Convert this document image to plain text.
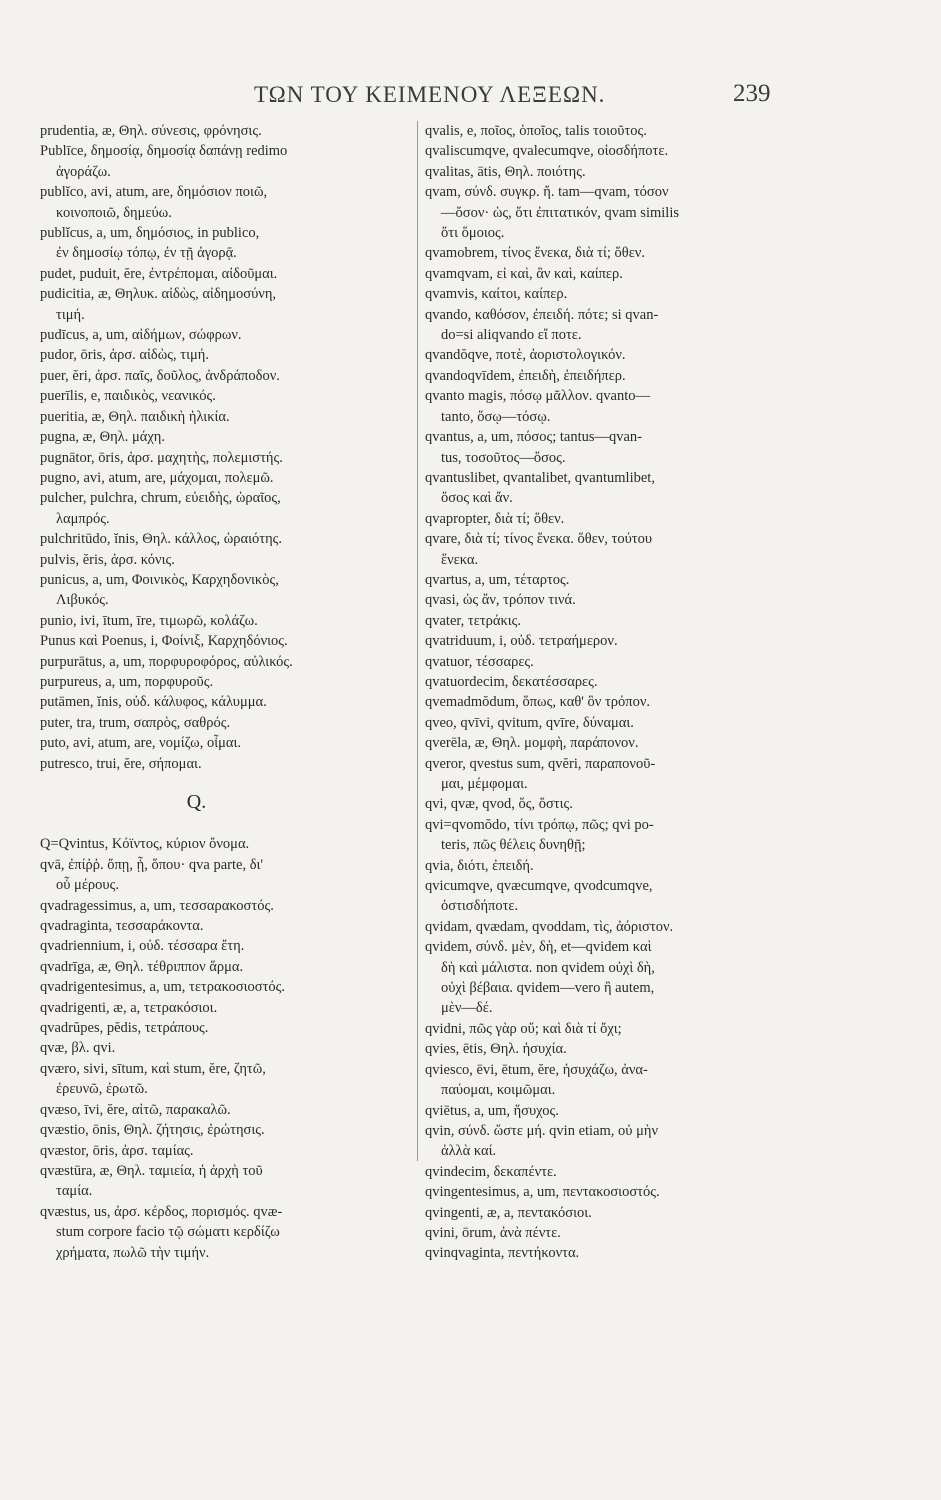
ΤΩΝ ΤΟΥ ΚΕΙΜΕΝΟΥ ΛΕΞΕΩΝ.	239
prudentia, æ, Θηλ. σύνεσις, φρόνησις.
Publīce, δημοσίᾳ, δημοσίᾳ δαπάνῃ redimo
ἀγοράζω.
publĭco, avi, atum, are, δημόσιον ποιῶ,
κοινοποιῶ, δημεύω.
publĭcus, a, um, δημόσιος, in publico,
ἐν δημοσίῳ τόπῳ, ἐν τῇ ἀγορᾷ.
pudet, puduit, ĕre, ἐντρέπομαι, αἰδοῦμαι.
pudicitia, æ, Θηλυκ. αἰδὼς, αἰδημοσύνη,
τιμή.
pudīcus, a, um, αἰδήμων, σώφρων.
pudor, ōris, ἀρσ. αἰδὼς, τιμή.
puer, ĕri, ἀρσ. παῖς, δοῦλος, ἀνδράποδον.
puerīlis, e, παιδικὸς, νεανικός.
pueritia, æ, Θηλ. παιδικὴ ἡλικία.
pugna, æ, Θηλ. μάχη.
pugnātor, ōris, ἀρσ. μαχητὴς, πολεμιστής.
pugno, avi, atum, are, μάχομαι, πολεμῶ.
pulcher, pulchra, chrum, εὐειδὴς, ὡραῖος,
λαμπρός.
pulchritūdo, ĭnis, Θηλ. κάλλος, ὡραιότης.
pulvis, ĕris, ἀρσ. κόνις.
punicus, a, um, Φοινικὸς, Καρχηδονικὸς,
Λιβυκός.
punio, ivi, ītum, īre, τιμωρῶ, κολάζω.
Punus καὶ Poenus, i, Φοίνιξ, Καρχηδόνιος.
purpurātus, a, um, πορφυροφόρος, αὐλικός.
purpureus, a, um, πορφυροῦς.
putāmen, ĭnis, οὐδ. κάλυφος, κάλυμμα.
puter, tra, trum, σαπρὸς, σαθρός.
puto, avi, atum, are, νομίζω, οἶμαι.
putresco, trui, ĕre, σήπομαι.
Q.
Q=Qvintus, Κόϊντος, κύριον ὄνομα.
qvā, ἐπίῤῥ. ὅπῃ, ᾗ, ὅπου· qva parte, δι'
οὗ μέρους.
qvadragessimus, a, um, τεσσαρακοστός.
qvadraginta, τεσσαράκοντα.
qvadriennium, i, οὐδ. τέσσαρα ἔτη.
qvadrīga, æ, Θηλ. τέθριππον ἅρμα.
qvadrigentesimus, a, um, τετρακοσιοστός.
qvadrigenti, æ, a, τετρακόσιοι.
qvadrŭpes, pĕdis, τετράπους.
qvæ, βλ. qvi.
qværo, sivi, sītum, καὶ stum, ĕre, ζητῶ,
ἐρευνῶ, ἐρωτῶ.
qvæso, īvi, ĕre, αἰτῶ, παρακαλῶ.
qvæstio, ōnis, Θηλ. ζήτησις, ἐρώτησις.
qvæstor, ōris, ἀρσ. ταμίας.
qvæstūra, æ, Θηλ. ταμιεία, ἡ ἀρχὴ τοῦ
ταμία.
qvæstus, us, ἀρσ. κέρδος, πορισμός. qvæ-
stum corpore facio τῷ σώματι κερδίζω
χρήματα, πωλῶ τὴν τιμήν.
qvalis, e, ποῖος, ὁποῖος, talis τοιοῦτος.
qvaliscumqve, qvalecumqve, οἱοσδήποτε.
qvalitas, ātis, Θηλ. ποιότης.
qvam, σύνδ. συγκρ. ἤ. tam—qvam, τόσον
—ὅσον· ὡς, ὅτι ἐπιτατικόν, qvam similis
ὅτι ὅμοιος.
qvamobrem, τίνος ἕνεκα, διὰ τί; ὅθεν.
qvamqvam, εἰ καὶ, ἂν καὶ, καίπερ.
qvamvis, καίτοι, καίπερ.
qvando, καθόσον, ἐπειδή. πότε; si qvan-
do=si aliqvando εἴ ποτε.
qvandŏqve, ποτὲ, ἀοριστολογικόν.
qvandoqvīdem, ἐπειδὴ, ἐπειδήπερ.
qvanto magis, πόσῳ μᾶλλον. qvanto—
tanto, ὅσῳ—τόσῳ.
qvantus, a, um, πόσος; tantus—qvan-
tus, τοσοῦτος—ὅσος.
qvantuslibet, qvantalibet, qvantumlibet,
ὅσος καὶ ἄν.
qvapropter, διὰ τί; ὅθεν.
qvare, διὰ τί; τίνος ἕνεκα. ὅθεν, τούτου
ἕνεκα.
qvartus, a, um, τέταρτος.
qvasi, ὡς ἄν, τρόπον τινά.
qvater, τετράκις.
qvatriduum, i, οὐδ. τετραήμερον.
qvatuor, τέσσαρες.
qvatuordecim, δεκατέσσαρες.
qvemadmŏdum, ὅπως, καθ' ὃν τρόπον.
qveo, qvīvi, qvitum, qvīre, δύναμαι.
qverēla, æ, Θηλ. μομφὴ, παράπονον.
qveror, qvestus sum, qvĕri, παραπονοῦ-
μαι, μέμφομαι.
qvi, qvæ, qvod, ὅς, ὅστις.
qvi=qvomŏdo, τίνι τρόπῳ, πῶς; qvi po-
teris, πῶς θέλεις δυνηθῇ;
qvia, διότι, ἐπειδή.
qvicumqve, qvæcumqve, qvodcumqve,
ὁστισδήποτε.
qvidam, qvædam, qvoddam, τὶς, ἀόριστον.
qvidem, σύνδ. μὲν, δὴ, et—qvidem καὶ
δὴ καὶ μάλιστα. non qvidem οὐχὶ δὴ,
οὐχὶ βέβαια. qvidem—vero ἢ autem,
μὲν—δέ.
qvidni, πῶς γὰρ οὔ; καὶ διὰ τί ὄχι;
qvies, ētis, Θηλ. ἡσυχία.
qviesco, ēvi, ētum, ĕre, ἡσυχάζω, ἀνα-
παύομαι, κοιμῶμαι.
qviētus, a, um, ἥσυχος.
qvin, σύνδ. ὥστε μή. qvin etiam, οὐ μὴν
ἀλλὰ καί.
qvindecim, δεκαπέντε.
qvingentesimus, a, um, πεντακοσιοστός.
qvingenti, æ, a, πεντακόσιοι.
qvini, ōrum, ἀνὰ πέντε.
qvinqvaginta, πεντήκοντα.
